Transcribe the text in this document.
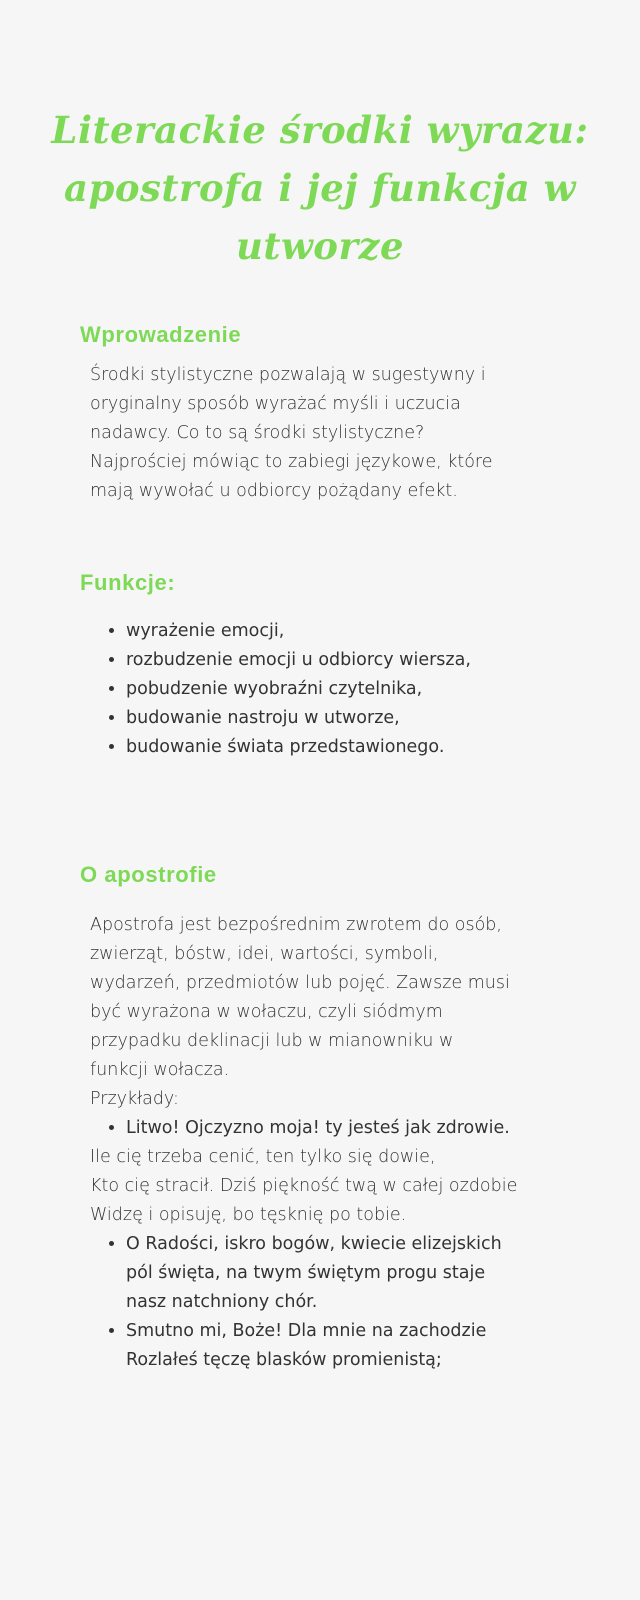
Literackie środki wyrazu: apostrofa i jej funkcja w utworze
Wprowadzenie

Środki stylistyczne pozwalają w sugestywny i
oryginalny sposób wyrażać myśli i uczucia
nadawcy. Co to są środki stylistyczne?
Najprościej mówiąc to zabiegi językowe, które
mają wywołać u odbiorcy pożądany efekt.

Funkcje:
• wyrażenie emocji,
• rozbudzenie emocji u odbiorcy wiersza,
• pobudzenie wyobraźni czytelnika,
• budowanie nastroju w utworze,
• budowanie świata przedstawionego.
O apostrofie

Apostrofa jest bezpośrednim zwrotem do osób,
zwierząt, bóstw, idei, wartości, symboli,
wydarzeń, przedmiotów lub pojęć. Zawsze musi
być wyrażona w wołaczu, czyli siódmym
przypadku deklinacji lub w mianowniku w
funkcji wołacza.
Przykłady:

• Litwo! Ojczyzno moja! ty jesteś jak zdrowie.

Ile cię trzeba cenić, ten tylko się dowie,
Kto cię stracił. Dziś piękność twą w całej ozdobie
Widzę i opisuję, bo tęsknię po tobie.

• O Radości, iskro bogów, kwiecie elizejskich
pól święta, na twym świętym progu staje
nasz natchniony chór.
• Smutno mi, Boże! Dla mnie na zachodzie
Rozlałeś tęczę blasków promienistą;
